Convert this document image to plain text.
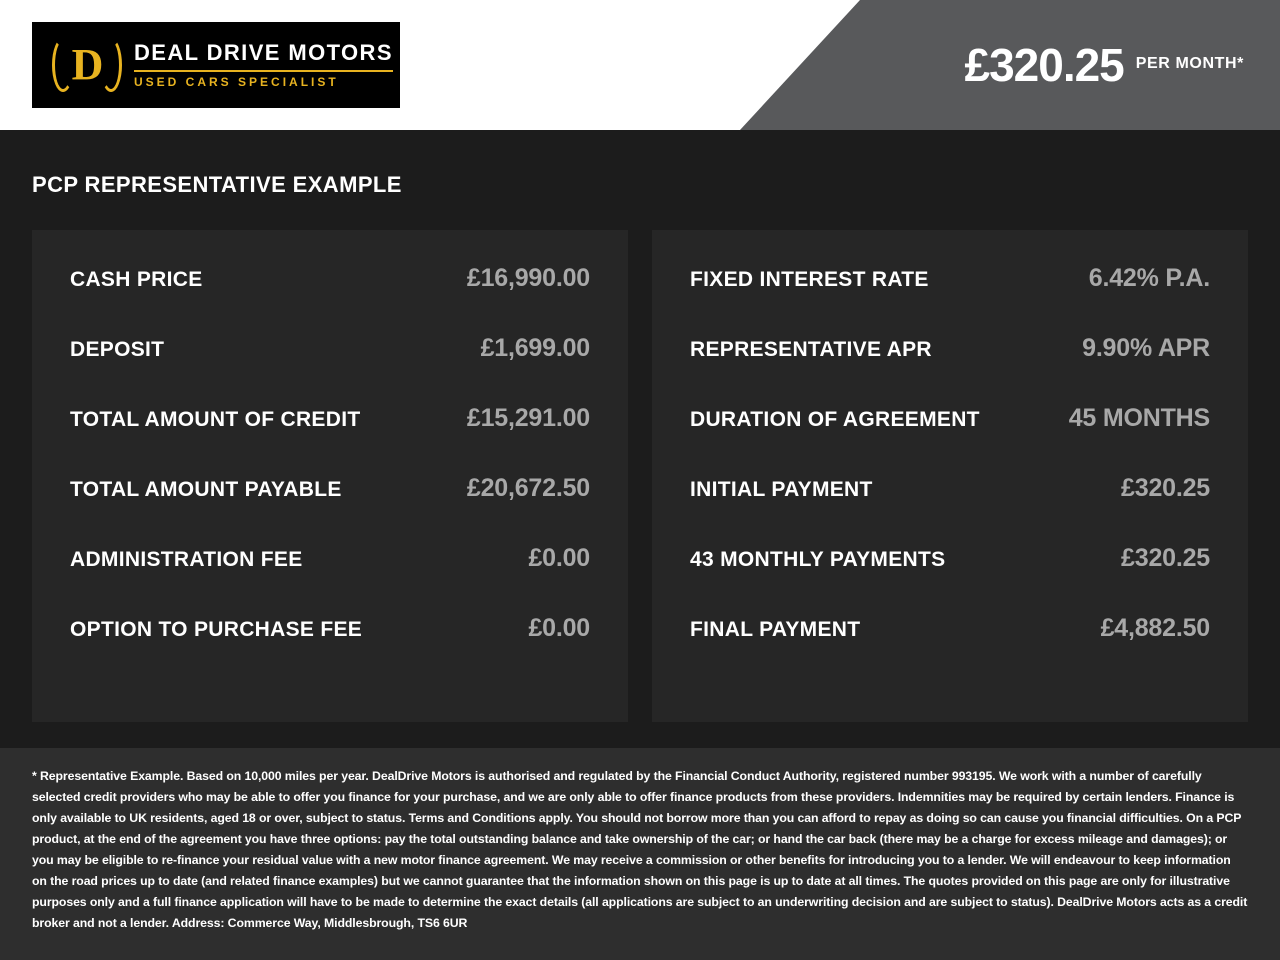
D DEAL DRIVE MOTORS
USED CARS SPECIALIST	£320.25 PER MONTH*
PCP REPRESENTATIVE EXAMPLE
CASH PRICE	£16,990.00
DEPOSIT	£1,699.00
TOTAL AMOUNT OF CREDIT	£15,291.00
TOTAL AMOUNT PAYABLE	£20,672.50
ADMINISTRATION FEE	£0.00
OPTION TO PURCHASE FEE	£0.00
FIXED INTEREST RATE	6.42% P.A.
REPRESENTATIVE APR	9.90% APR
DURATION OF AGREEMENT	45 MONTHS
INITIAL PAYMENT	£320.25
43 MONTHLY PAYMENTS	£320.25
FINAL PAYMENT	£4,882.50

* Representative Example. Based on 10,000 miles per year. DealDrive Motors is authorised and regulated by the Financial Conduct Authority, registered number 993195. We work with a number of carefully selected credit providers who may be able to offer you finance for your purchase, and we are only able to offer finance products from these providers. Indemnities may be required by certain lenders. Finance is only available to UK residents, aged 18 or over, subject to status. Terms and Conditions apply. You should not borrow more than you can afford to repay as doing so can cause you financial difficulties. On a PCP product, at the end of the agreement you have three options: pay the total outstanding balance and take ownership of the car; or hand the car back (there may be a charge for excess mileage and damages); or you may be eligible to re-finance your residual value with a new motor finance agreement. We may receive a commission or other benefits for introducing you to a lender. We will endeavour to keep information on the road prices up to date (and related finance examples) but we cannot guarantee that the information shown on this page is up to date at all times. The quotes provided on this page are only for illustrative purposes only and a full finance application will have to be made to determine the exact details (all applications are subject to an underwriting decision and are subject to status). DealDrive Motors acts as a credit broker and not a lender. Address: Commerce Way, Middlesbrough, TS6 6UR
